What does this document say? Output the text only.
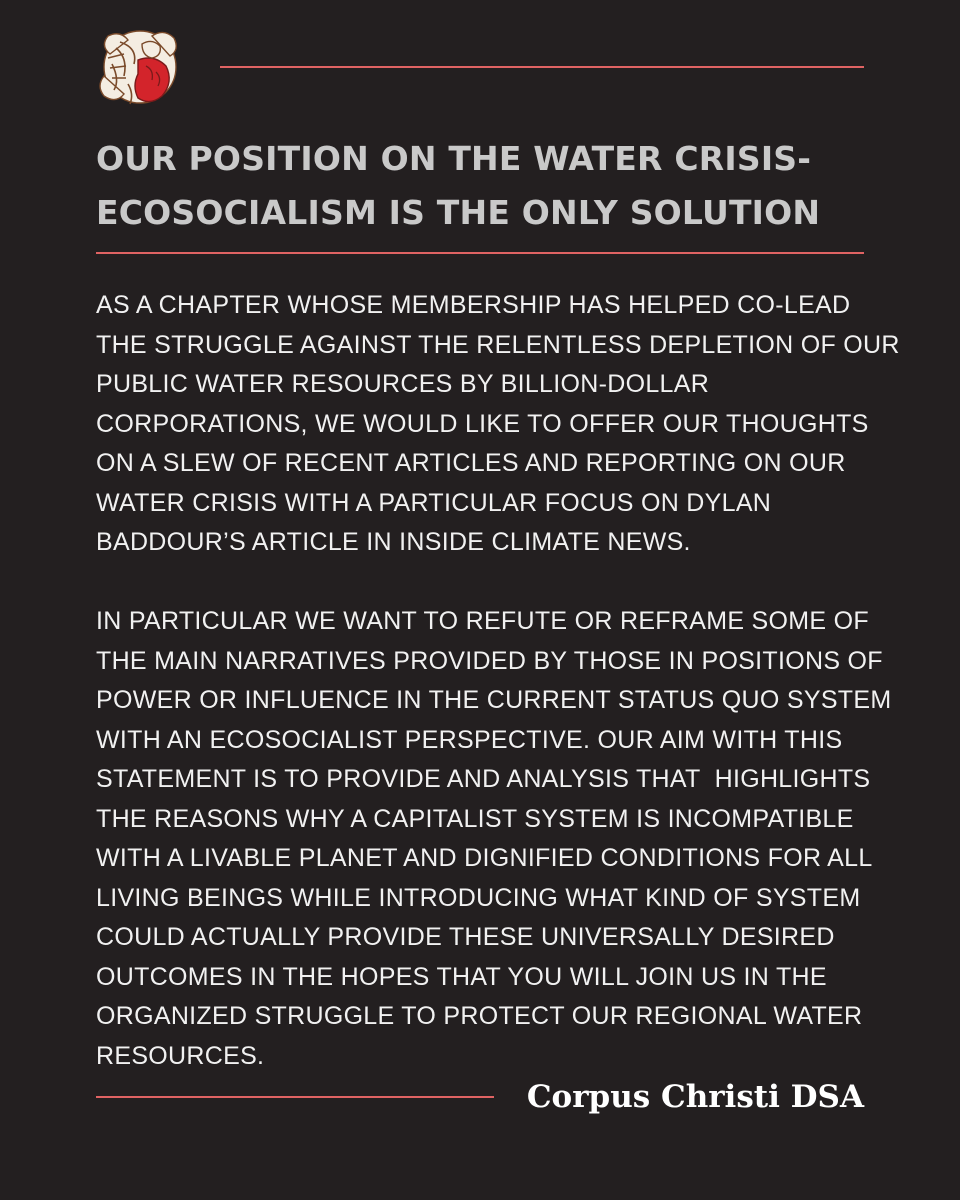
OUR POSITION ON THE WATER CRISIS-
ECOSOCIALISM IS THE ONLY SOLUTION
AS A CHAPTER WHOSE MEMBERSHIP HAS HELPED CO-LEAD
THE STRUGGLE AGAINST THE RELENTLESS DEPLETION OF OUR
PUBLIC WATER RESOURCES BY BILLION-DOLLAR
CORPORATIONS, WE WOULD LIKE TO OFFER OUR THOUGHTS
ON A SLEW OF RECENT ARTICLES AND REPORTING ON OUR
WATER CRISIS WITH A PARTICULAR FOCUS ON DYLAN
BADDOUR’S ARTICLE IN INSIDE CLIMATE NEWS.
IN PARTICULAR WE WANT TO REFUTE OR REFRAME SOME OF
THE MAIN NARRATIVES PROVIDED BY THOSE IN POSITIONS OF
POWER OR INFLUENCE IN THE CURRENT STATUS QUO SYSTEM
WITH AN ECOSOCIALIST PERSPECTIVE. OUR AIM WITH THIS
STATEMENT IS TO PROVIDE AND ANALYSIS THAT  HIGHLIGHTS
THE REASONS WHY A CAPITALIST SYSTEM IS INCOMPATIBLE
WITH A LIVABLE PLANET AND DIGNIFIED CONDITIONS FOR ALL
LIVING BEINGS WHILE INTRODUCING WHAT KIND OF SYSTEM
COULD ACTUALLY PROVIDE THESE UNIVERSALLY DESIRED
OUTCOMES IN THE HOPES THAT YOU WILL JOIN US IN THE
ORGANIZED STRUGGLE TO PROTECT OUR REGIONAL WATER
RESOURCES.

Corpus Christi DSA
